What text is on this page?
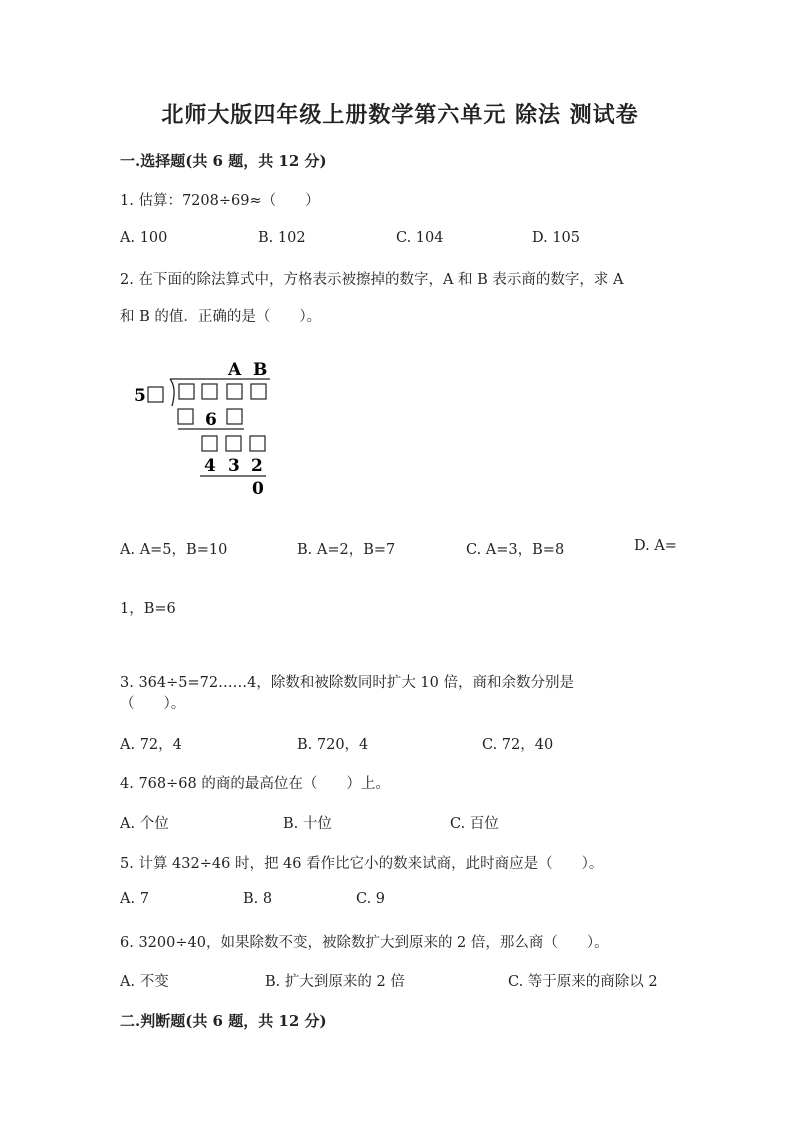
北师大版四年级上册数学第六单元 除法 测试卷
一.选择题(共 6 题，共 12 分)
1. 估算：7208÷69≈（　　）
A. 100	B. 102	C. 104	D. 105
2. 在下面的除法算式中，方格表示被擦掉的数字，A 和 B 表示商的数字，求 A
和 B 的值．正确的是（　　）。
A B
5
6
4 3 2
0
A. A=5，B=10	B. A=2，B=7	C. A=3，B=8	D. A=
1，B=6
3. 364÷5=72……4，除数和被除数同时扩大 10 倍，商和余数分别是
（　　）。
A. 72，4	B. 720，4	C. 72，40
4. 768÷68 的商的最高位在（　　）上。
A. 个位	B. 十位	C. 百位
5. 计算 432÷46 时，把 46 看作比它小的数来试商，此时商应是（　　）。
A. 7	B. 8	C. 9
6. 3200÷40，如果除数不变，被除数扩大到原来的 2 倍，那么商（　　）。
A. 不变	B. 扩大到原来的 2 倍	C. 等于原来的商除以 2
二.判断题(共 6 题，共 12 分)
